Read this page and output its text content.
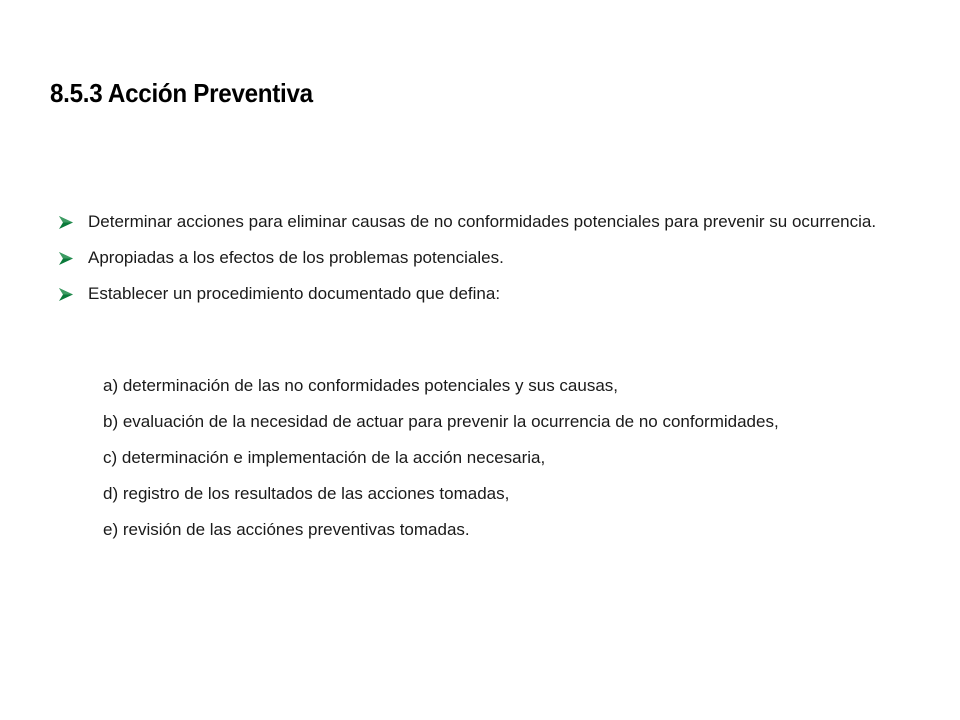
8.5.3 Acción Preventiva
Determinar acciones para eliminar causas de no conformidades potenciales para prevenir su ocurrencia.
Apropiadas a los efectos de los problemas potenciales.
Establecer un procedimiento documentado que defina:
a) determinación de las no conformidades potenciales y sus causas,
b) evaluación de la necesidad de actuar para prevenir la ocurrencia de no conformidades,
c) determinación e implementación de la acción necesaria,
d) registro de los resultados de las acciones tomadas,
e) revisión de las acciónes preventivas tomadas.
